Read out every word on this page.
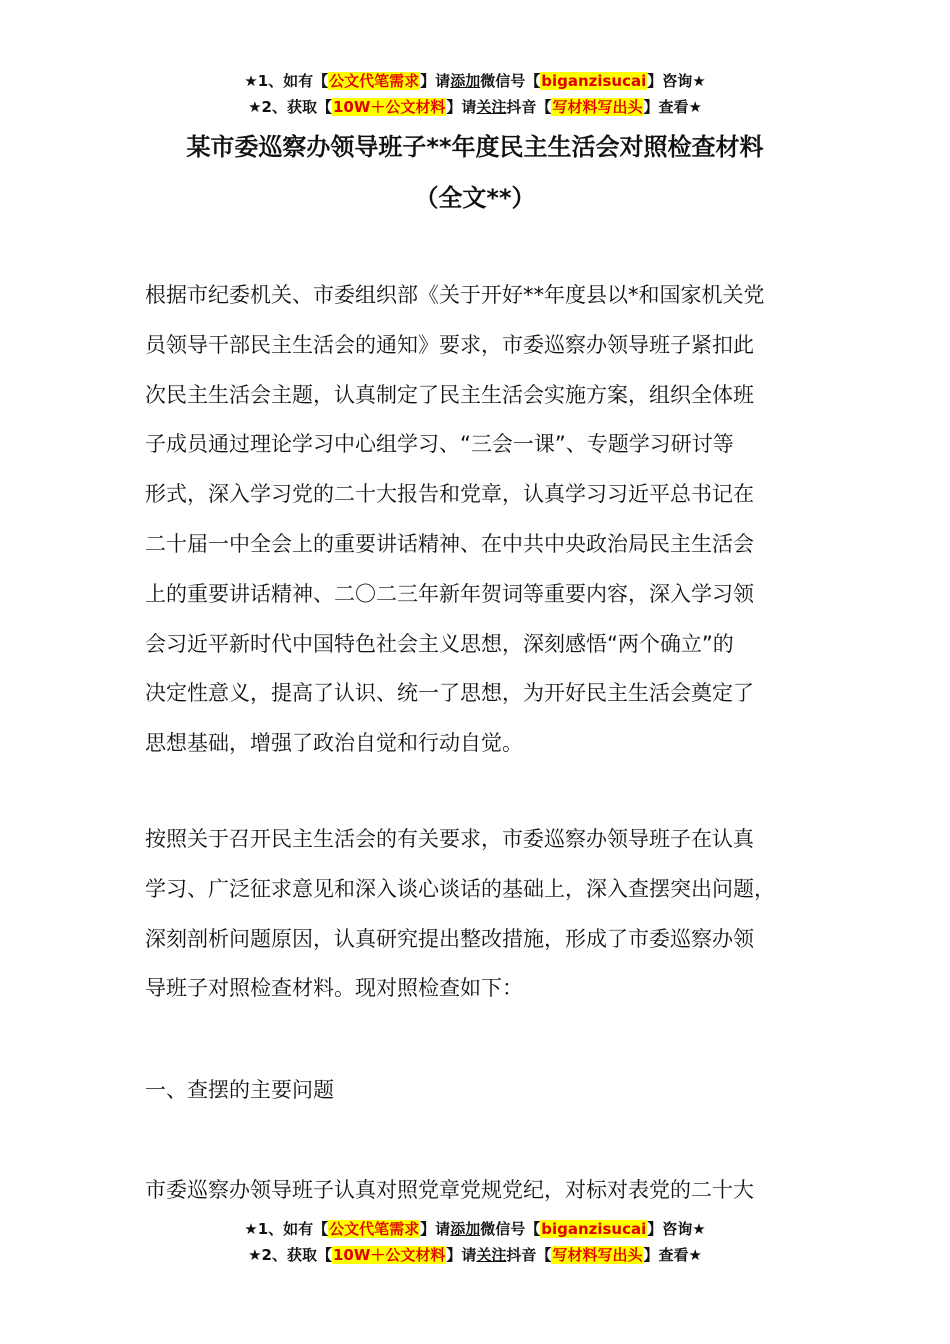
★1、如有【公文代笔需求】请添加微信号【biganzisucai】咨询★
★2、获取【10W＋公文材料】请关注抖音【写材料写出头】查看★
某市委巡察办领导班子**年度民主生活会对照检查材料
（全文**）
根据市纪委机关、市委组织部《关于开好**年度县以*和国家机关党
员领导干部民主生活会的通知》要求，市委巡察办领导班子紧扣此
次民主生活会主题，认真制定了民主生活会实施方案，组织全体班
子成员通过理论学习中心组学习、“三会一课”、专题学习研讨等
形式，深入学习党的二十大报告和党章，认真学习习近平总书记在
二十届一中全会上的重要讲话精神、在中共中央政治局民主生活会
上的重要讲话精神、二〇二三年新年贺词等重要内容，深入学习领
会习近平新时代中国特色社会主义思想，深刻感悟“两个确立”的
决定性意义，提高了认识、统一了思想，为开好民主生活会奠定了
思想基础，增强了政治自觉和行动自觉。
按照关于召开民主生活会的有关要求，市委巡察办领导班子在认真
学习、广泛征求意见和深入谈心谈话的基础上，深入查摆突出问题，
深刻剖析问题原因，认真研究提出整改措施，形成了市委巡察办领
导班子对照检查材料。现对照检查如下：
一、查摆的主要问题
市委巡察办领导班子认真对照党章党规党纪，对标对表党的二十大
★1、如有【公文代笔需求】请添加微信号【biganzisucai】咨询★
★2、获取【10W＋公文材料】请关注抖音【写材料写出头】查看★
